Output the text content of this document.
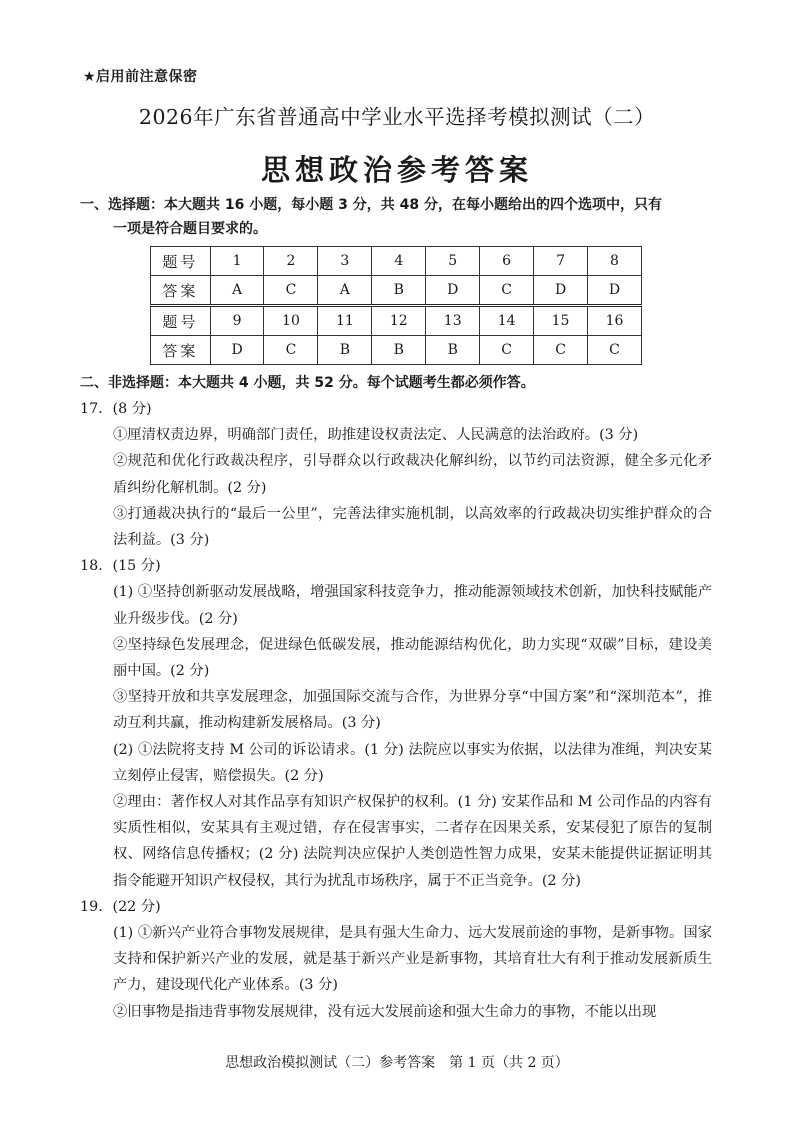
★启用前注意保密
2026年广东省普通高中学业水平选择考模拟测试（二）
思想政治参考答案
一、选择题：本大题共 16 小题，每小题 3 分，共 48 分，在每小题给出的四个选项中，只有
一项是符合题目要求的。
题号	1	2	3	4	5	6	7	8
答案	A	C	A	B	D	C	D	D
题号	9	10	11	12	13	14	15	16
答案	D	C	B	B	B	C	C	C
二、非选择题：本大题共 4 小题，共 52 分。每个试题考生都必须作答。
17．(8 分)
①厘清权责边界，明确部门责任，助推建设权责法定、人民满意的法治政府。(3 分)
②规范和优化行政裁决程序，引导群众以行政裁决化解纠纷，以节约司法资源，健全多元化矛盾纠纷化解机制。(2 分)
③打通裁决执行的“最后一公里”，完善法律实施机制，以高效率的行政裁决切实维护群众的合法利益。(3 分)
18．(15 分)
(1) ①坚持创新驱动发展战略，增强国家科技竞争力，推动能源领域技术创新，加快科技赋能产业升级步伐。(2 分)
②坚持绿色发展理念，促进绿色低碳发展，推动能源结构优化，助力实现“双碳”目标，建设美丽中国。(2 分)
③坚持开放和共享发展理念，加强国际交流与合作，为世界分享“中国方案”和“深圳范本”，推动互利共赢，推动构建新发展格局。(3 分)
(2) ①法院将支持 M 公司的诉讼请求。(1 分) 法院应以事实为依据，以法律为准绳，判决安某立刻停止侵害，赔偿损失。(2 分)
②理由：著作权人对其作品享有知识产权保护的权利。(1 分) 安某作品和 M 公司作品的内容有实质性相似，安某具有主观过错，存在侵害事实，二者存在因果关系，安某侵犯了原告的复制权、网络信息传播权；(2 分) 法院判决应保护人类创造性智力成果，安某未能提供证据证明其指令能避开知识产权侵权，其行为扰乱市场秩序，属于不正当竞争。(2 分)
19．(22 分)
(1) ①新兴产业符合事物发展规律，是具有强大生命力、远大发展前途的事物，是新事物。国家支持和保护新兴产业的发展，就是基于新兴产业是新事物，其培育壮大有利于推动发展新质生产力，建设现代化产业体系。(3 分)
②旧事物是指违背事物发展规律，没有远大发展前途和强大生命力的事物，不能以出现
思想政治模拟测试（二）参考答案　第 1 页（共 2 页）
